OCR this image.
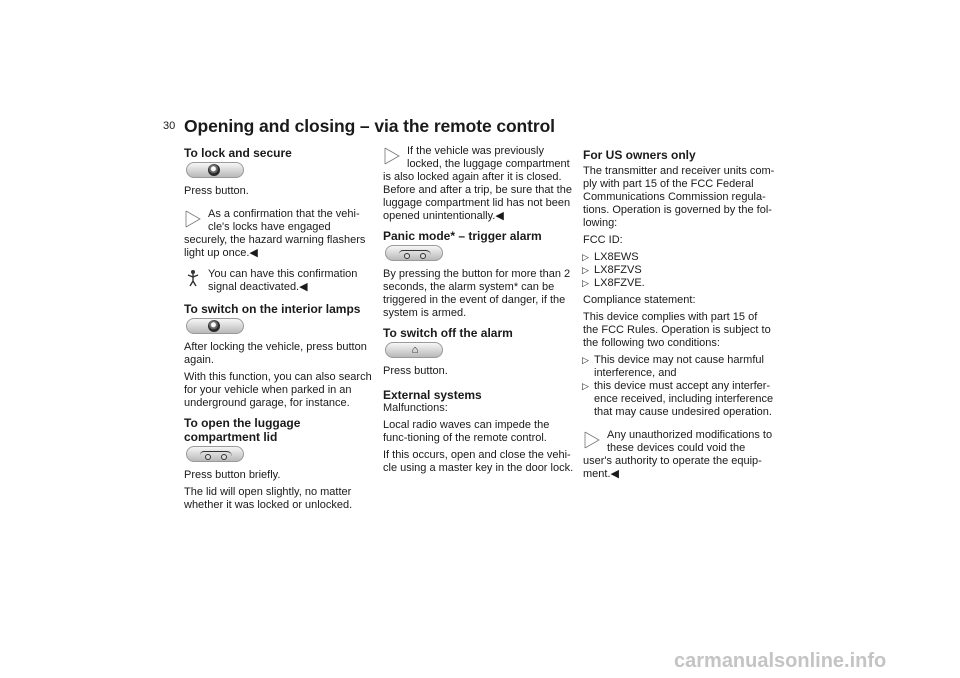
30 Opening and closing – via the remote control
To lock and secure

Press button.

As a confirmation that the vehi-
cle's locks have engaged

securely, the hazard warning flashers light up once.◀

You can have this confirmation
signal deactivated.◀
To switch on the interior lamps

After locking the vehicle, press button again.

With this function, you can also search for your vehicle when parked in an underground garage, for instance.

To open the luggage compartment lid

Press button briefly.

The lid will open slightly, no matter whether it was locked or unlocked.

If the vehicle was previously
locked, the luggage compartment

is also locked again after it is closed. Before and after a trip, be sure that the luggage compartment lid has not been opened unintentionally.◀

Panic mode* – trigger alarm

By pressing the button for more than 2 seconds, the alarm system* can be triggered in the event of danger, if the system is armed.

To switch off the alarm
⌂

Press button.

External systems

Malfunctions:

Local radio waves can impede the func-tioning of the remote control.

If this occurs, open and close the vehi-cle using a master key in the door lock.

For US owners only

The transmitter and receiver units com-ply with part 15 of the FCC Federal Communications Commission regula-tions. Operation is governed by the fol-lowing:

FCC ID:

▷ LX8EWS
▷ LX8FZVS
▷ LX8FZVE.

Compliance statement:

This device complies with part 15 of the FCC Rules. Operation is subject to the following two conditions:

▷ This device may not cause harmful interference, and
▷ this device must accept any interfer-ence received, including interference that may cause undesired operation.

Any unauthorized modifications to
these devices could void the

user's authority to operate the equip-ment.◀

carmanualsonline.info
